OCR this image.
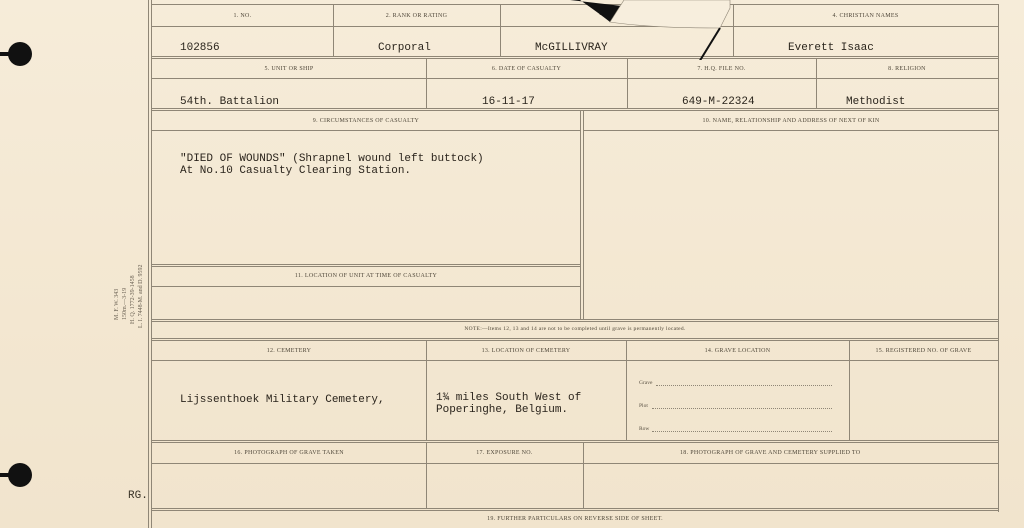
M. F. W. 343 150m.—3-19 H. Q. 1772-39-1458 L. I. 7448-M. and D. 9592
RG.
1. NO.	2. RANK OR RATING	4. CHRISTIAN NAMES
102856	Corporal	McGILLIVRAY	Everett Isaac
5. UNIT OR SHIP	6. DATE OF CASUALTY	7. H.Q. FILE NO.	8. RELIGION
54th. Battalion	16-11-17	649-M-22324	Methodist
9. CIRCUMSTANCES OF CASUALTY	10. NAME, RELATIONSHIP AND ADDRESS OF NEXT OF KIN
"DIED OF WOUNDS" (Shrapnel wound left buttock)
At No.10 Casualty Clearing Station.
11. LOCATION OF UNIT AT TIME OF CASUALTY
NOTE:—Items 12, 13 and 14 are not to be completed until grave is permanently located.
12. CEMETERY	13. LOCATION OF CEMETERY	14. GRAVE LOCATION	15. REGISTERED NO. OF GRAVE
Lijssenthoek Military Cemetery,	1¾ miles South West of
Poperinghe, Belgium.
Grave
Plot
Row
16. PHOTOGRAPH OF GRAVE TAKEN	17. EXPOSURE NO.	18. PHOTOGRAPH OF GRAVE AND CEMETERY SUPPLIED TO
19. FURTHER PARTICULARS ON REVERSE SIDE OF SHEET.
